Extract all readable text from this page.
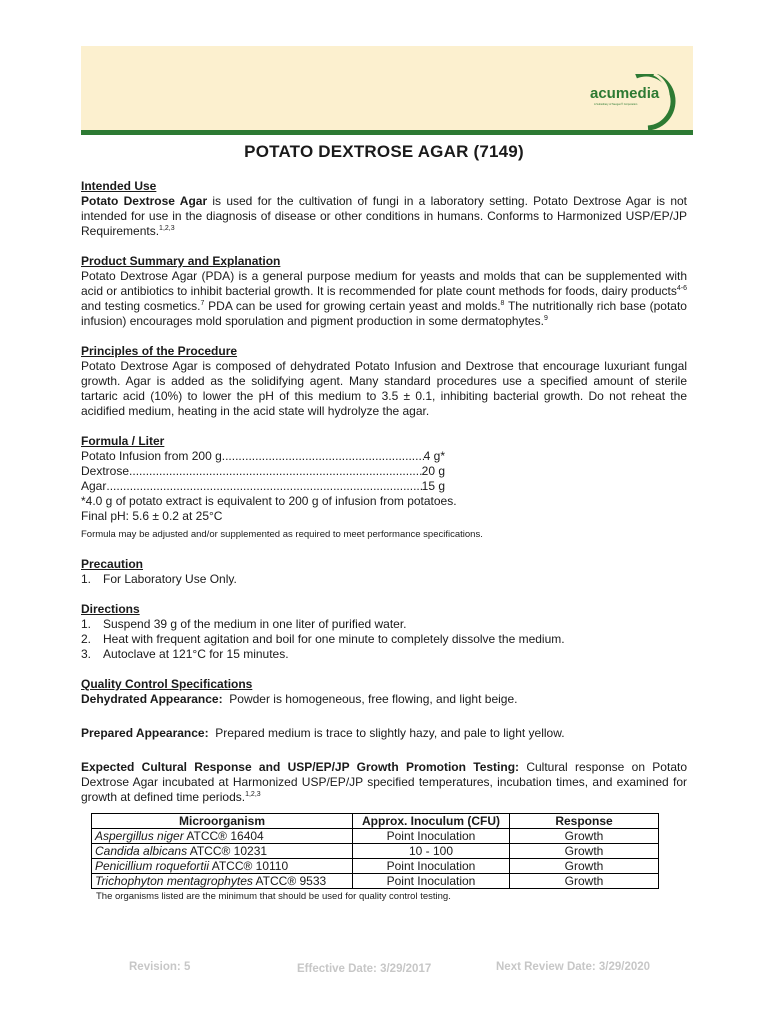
acumedia
A Subsidiary of Neogen® Corporation
POTATO DEXTROSE AGAR (7149)
Intended Use
Potato Dextrose Agar is used for the cultivation of fungi in a laboratory setting. Potato Dextrose Agar is not intended for use in the diagnosis of disease or other conditions in humans. Conforms to Harmonized USP/EP/JP Requirements.$^{1,2,3}$
Product Summary and Explanation
Potato Dextrose Agar (PDA) is a general purpose medium for yeasts and molds that can be supplemented with acid or antibiotics to inhibit bacterial growth. It is recommended for plate count methods for foods, dairy products$^{4-6}$ and testing cosmetics.$^7$ PDA can be used for growing certain yeast and molds.$^8$ The nutritionally rich base (potato infusion) encourages mold sporulation and pigment production in some dermatophytes.$^9$
Principles of the Procedure
Potato Dextrose Agar is composed of dehydrated Potato Infusion and Dextrose that encourage luxuriant fungal growth. Agar is added as the solidifying agent. Many standard procedures use a specified amount of sterile tartaric acid (10%) to lower the pH of this medium to 3.5 ± 0.1, inhibiting bacterial growth. Do not reheat the acidified medium, heating in the acid state will hydrolyze the agar.
Formula / Liter
Potato Infusion from 200 g .....	4 g*
Dextrose .....	20 g
Agar .....	15 g
*4.0 g of potato extract is equivalent to 200 g of infusion from potatoes.
Final pH: 5.6 ± 0.2 at 25°C
Formula may be adjusted and/or supplemented as required to meet performance specifications.
Precaution
1. For Laboratory Use Only.
Directions
1. Suspend 39 g of the medium in one liter of purified water.
2. Heat with frequent agitation and boil for one minute to completely dissolve the medium.
3. Autoclave at 121°C for 15 minutes.
Quality Control Specifications
Dehydrated Appearance:  Powder is homogeneous, free flowing, and light beige.
Prepared Appearance:  Prepared medium is trace to slightly hazy, and pale to light yellow.
Expected Cultural Response and USP/EP/JP Growth Promotion Testing: Cultural response on Potato Dextrose Agar incubated at Harmonized USP/EP/JP specified temperatures, incubation times, and examined for growth at defined time periods.$^{1,2,3}$
Microorganism	Approx. Inoculum (CFU)	Response
Aspergillus niger ATCC® 16404	Point Inoculation	Growth
Candida albicans ATCC® 10231	10 - 100	Growth
Penicillium roquefortii ATCC® 10110	Point Inoculation	Growth
Trichophyton mentagrophytes ATCC® 9533	Point Inoculation	Growth
The organisms listed are the minimum that should be used for quality control testing.
Revision: 5	Effective Date: 3/29/2017	Next Review Date: 3/29/2020
